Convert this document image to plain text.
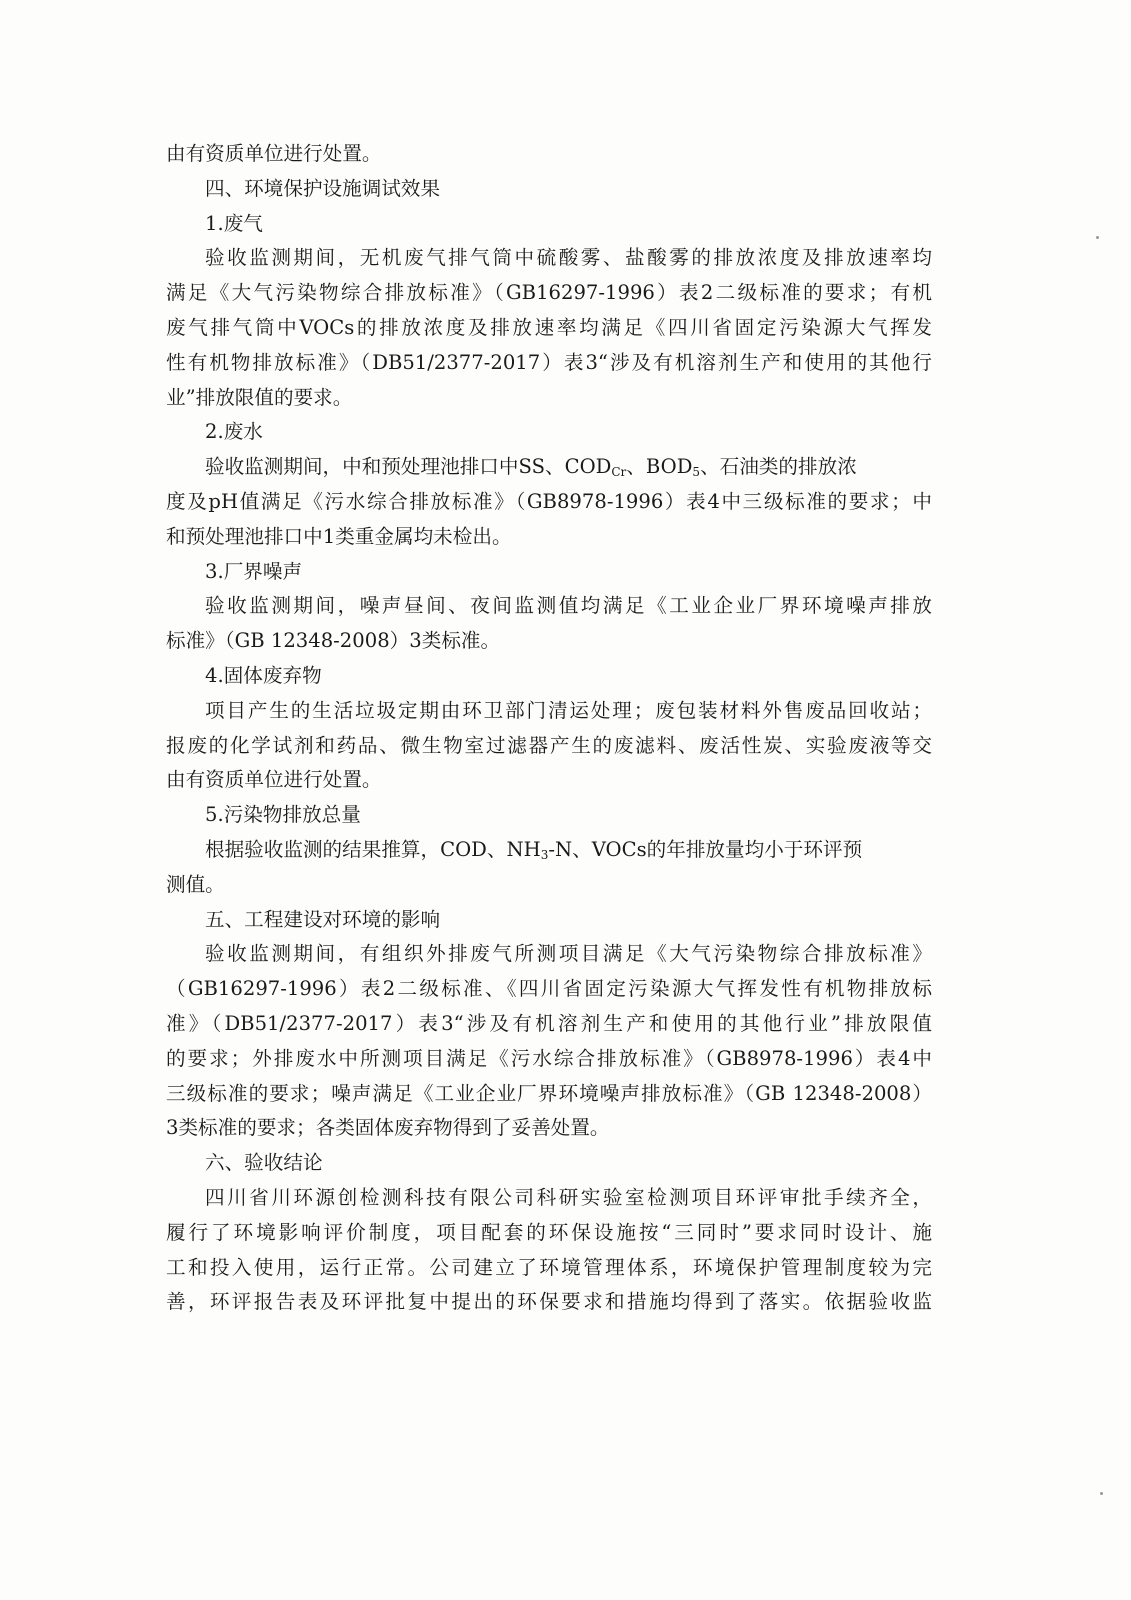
由有资质单位进行处置。
四、环境保护设施调试效果
1.废气
验收监测期间，无机废气排气筒中硫酸雾、盐酸雾的排放浓度及排放速率均
满足《大气污染物综合排放标准》（GB16297-1996）表2二级标准的要求；有机
废气排气筒中VOCs的排放浓度及排放速率均满足《四川省固定污染源大气挥发
性有机物排放标准》（DB51/2377-2017）表3“涉及有机溶剂生产和使用的其他行
业”排放限值的要求。
2.废水
验收监测期间，中和预处理池排口中SS、$COD_{Cr}$、$BOD_5$、石油类的排放浓
度及pH值满足《污水综合排放标准》（GB8978-1996）表4中三级标准的要求；中
和预处理池排口中1类重金属均未检出。
3.厂界噪声
验收监测期间，噪声昼间、夜间监测值均满足《工业企业厂界环境噪声排放
标准》（GB 12348-2008）3类标准。
4.固体废弃物
项目产生的生活垃圾定期由环卫部门清运处理；废包装材料外售废品回收站；
报废的化学试剂和药品、微生物室过滤器产生的废滤料、废活性炭、实验废液等交
由有资质单位进行处置。
5.污染物排放总量
根据验收监测的结果推算，COD、$NH_3-N$、VOCs的年排放量均小于环评预
测值。
五、工程建设对环境的影响
验收监测期间，有组织外排废气所测项目满足《大气污染物综合排放标准》
（GB16297-1996）表2二级标准、《四川省固定污染源大气挥发性有机物排放标
准》（DB51/2377-2017）表3“涉及有机溶剂生产和使用的其他行业”排放限值
的要求；外排废水中所测项目满足《污水综合排放标准》（GB8978-1996）表4中
三级标准的要求；噪声满足《工业企业厂界环境噪声排放标准》（GB 12348-2008）
3类标准的要求；各类固体废弃物得到了妥善处置。
六、验收结论
四川省川环源创检测科技有限公司科研实验室检测项目环评审批手续齐全，
履行了环境影响评价制度，项目配套的环保设施按“三同时”要求同时设计、施
工和投入使用，运行正常。公司建立了环境管理体系，环境保护管理制度较为完
善，环评报告表及环评批复中提出的环保要求和措施均得到了落实。依据验收监
